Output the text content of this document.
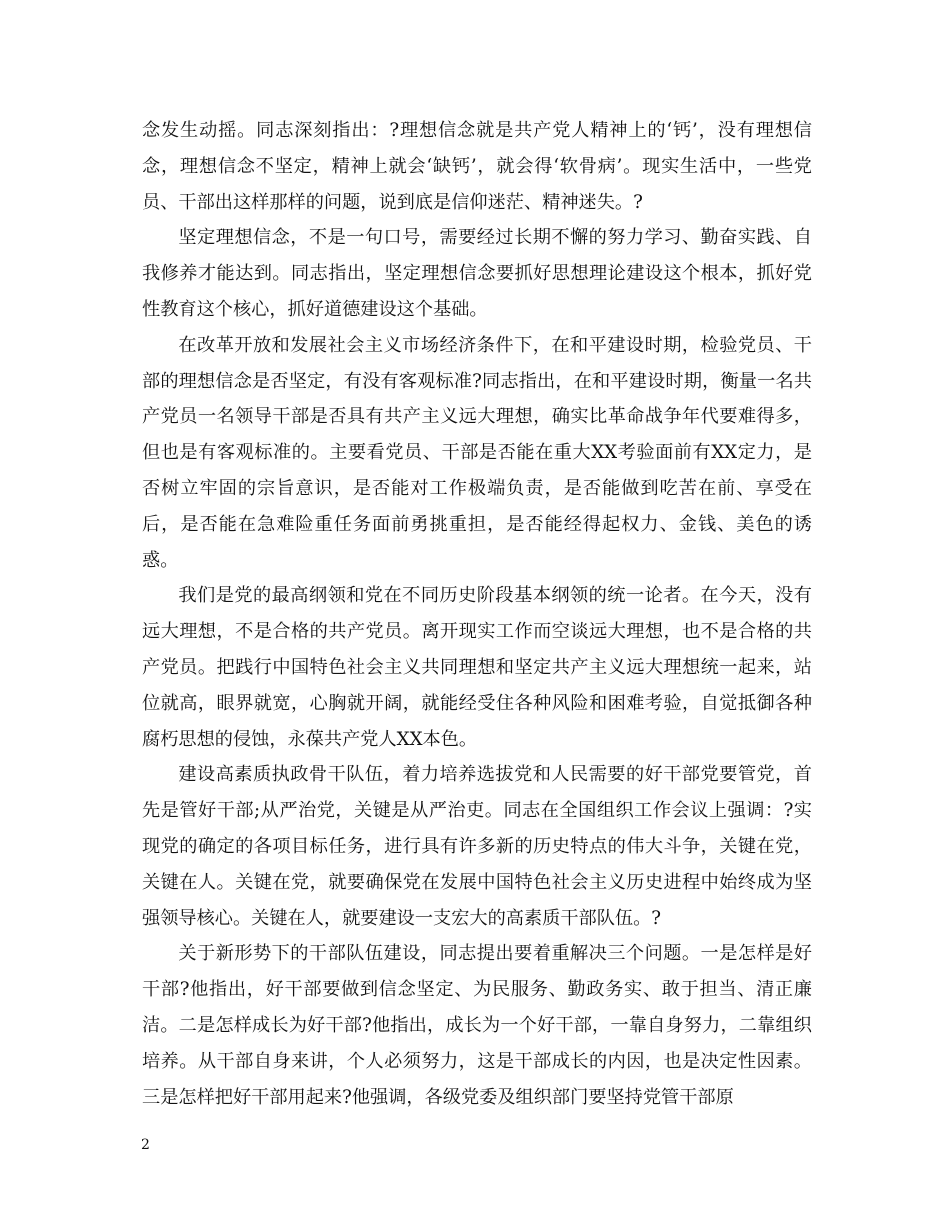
念发生动摇。同志深刻指出：?理想信念就是共产党人精神上的‘钙’，没有理想信念，理想信念不坚定，精神上就会‘缺钙’，就会得‘软骨病’。现实生活中，一些党员、干部出这样那样的问题，说到底是信仰迷茫、精神迷失。?

坚定理想信念，不是一句口号，需要经过长期不懈的努力学习、勤奋实践、自我修养才能达到。同志指出，坚定理想信念要抓好思想理论建设这个根本，抓好党性教育这个核心，抓好道德建设这个基础。

在改革开放和发展社会主义市场经济条件下，在和平建设时期，检验党员、干部的理想信念是否坚定，有没有客观标准?同志指出，在和平建设时期，衡量一名共产党员一名领导干部是否具有共产主义远大理想，确实比革命战争年代要难得多，但也是有客观标准的。主要看党员、干部是否能在重大XX考验面前有XX定力，是否树立牢固的宗旨意识，是否能对工作极端负责，是否能做到吃苦在前、享受在后，是否能在急难险重任务面前勇挑重担，是否能经得起权力、金钱、美色的诱惑。

我们是党的最高纲领和党在不同历史阶段基本纲领的统一论者。在今天，没有远大理想，不是合格的共产党员。离开现实工作而空谈远大理想，也不是合格的共产党员。把践行中国特色社会主义共同理想和坚定共产主义远大理想统一起来，站位就高，眼界就宽，心胸就开阔，就能经受住各种风险和困难考验，自觉抵御各种腐朽思想的侵蚀，永葆共产党人XX本色。

建设高素质执政骨干队伍，着力培养选拔党和人民需要的好干部党要管党，首先是管好干部;从严治党，关键是从严治吏。同志在全国组织工作会议上强调：?实现党的确定的各项目标任务，进行具有许多新的历史特点的伟大斗争，关键在党，关键在人。关键在党，就要确保党在发展中国特色社会主义历史进程中始终成为坚强领导核心。关键在人，就要建设一支宏大的高素质干部队伍。?

关于新形势下的干部队伍建设，同志提出要着重解决三个问题。一是怎样是好干部?他指出，好干部要做到信念坚定、为民服务、勤政务实、敢于担当、清正廉洁。二是怎样成长为好干部?他指出，成长为一个好干部，一靠自身努力，二靠组织培养。从干部自身来讲，个人必须努力，这是干部成长的内因，也是决定性因素。三是怎样把好干部用起来?他强调，各级党委及组织部门要坚持党管干部原

2
